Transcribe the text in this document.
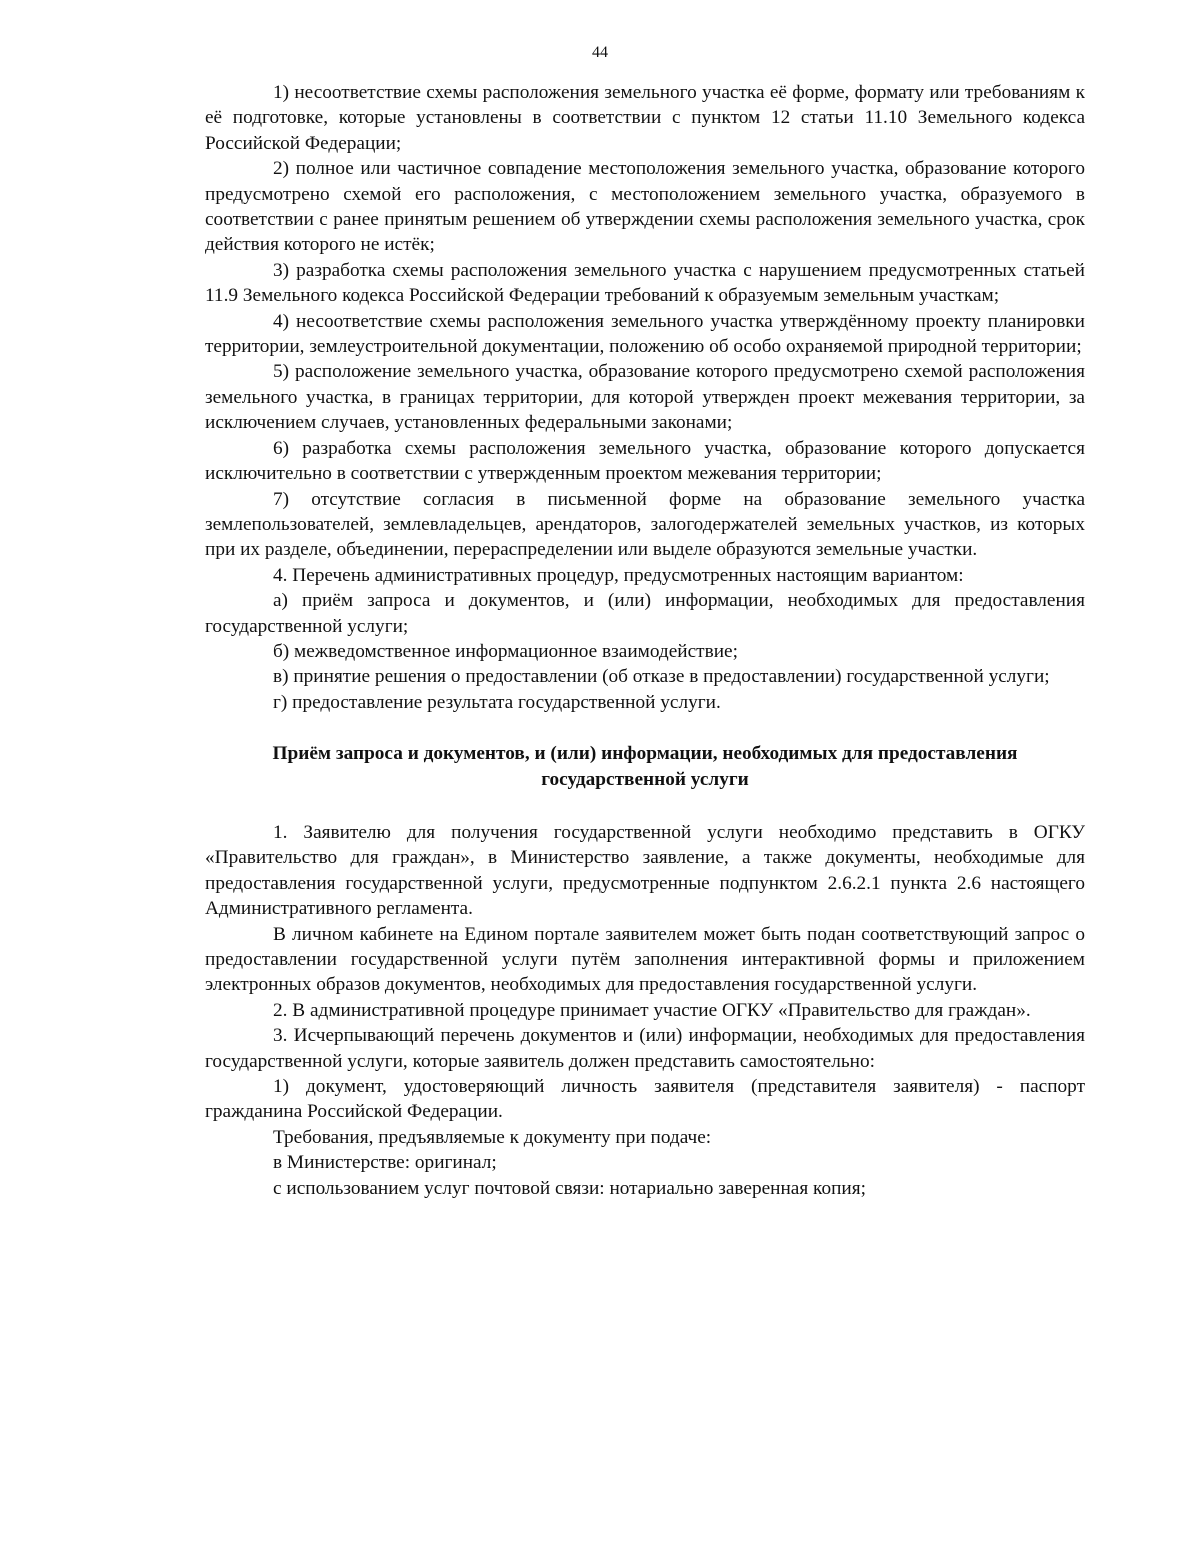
44

1) несоответствие схемы расположения земельного участка её форме, формату или требованиям к её подготовке, которые установлены в соответствии с пунктом 12 статьи 11.10 Земельного кодекса Российской Федерации;

2) полное или частичное совпадение местоположения земельного участка, образование которого предусмотрено схемой его расположения, с местоположением земельного участка, образуемого в соответствии с ранее принятым решением об утверждении схемы расположения земельного участка, срок действия которого не истёк;

3) разработка схемы расположения земельного участка с нарушением предусмотренных статьей 11.9 Земельного кодекса Российской Федерации требований к образуемым земельным участкам;

4) несоответствие схемы расположения земельного участка утверждённому проекту планировки территории, землеустроительной документации, положению об особо охраняемой природной территории;

5) расположение земельного участка, образование которого предусмотрено схемой расположения земельного участка, в границах территории, для которой утвержден проект межевания территории, за исключением случаев, установленных федеральными законами;

6) разработка схемы расположения земельного участка, образование которого допускается исключительно в соответствии с утвержденным проектом межевания территории;

7) отсутствие согласия в письменной форме на образование земельного участка землепользователей, землевладельцев, арендаторов, залогодержателей земельных участков, из которых при их разделе, объединении, перераспределении или выделе образуются земельные участки.

4. Перечень административных процедур, предусмотренных настоящим вариантом:

а) приём запроса и документов, и (или) информации, необходимых для предоставления государственной услуги;

б) межведомственное информационное взаимодействие;

в) принятие решения о предоставлении (об отказе в предоставлении) государственной услуги;

г) предоставление результата государственной услуги.

Приём запроса и документов, и (или) информации, необходимых для предоставления

государственной услуги

1. Заявителю для получения государственной услуги необходимо представить в ОГКУ «Правительство для граждан», в Министерство заявление, а также документы, необходимые для предоставления государственной услуги, предусмотренные подпунктом 2.6.2.1 пункта 2.6 настоящего Административного регламента.

В личном кабинете на Едином портале заявителем может быть подан соответствующий запрос о предоставлении государственной услуги путём заполнения интерактивной формы и приложением электронных образов документов, необходимых для предоставления государственной услуги.

2. В административной процедуре принимает участие ОГКУ «Правительство для граждан».

3. Исчерпывающий перечень документов и (или) информации, необходимых для предоставления государственной услуги, которые заявитель должен представить самостоятельно:

1) документ, удостоверяющий личность заявителя (представителя заявителя) - паспорт гражданина Российской Федерации.

Требования, предъявляемые к документу при подаче:

в Министерстве: оригинал;

с использованием услуг почтовой связи: нотариально заверенная копия;
